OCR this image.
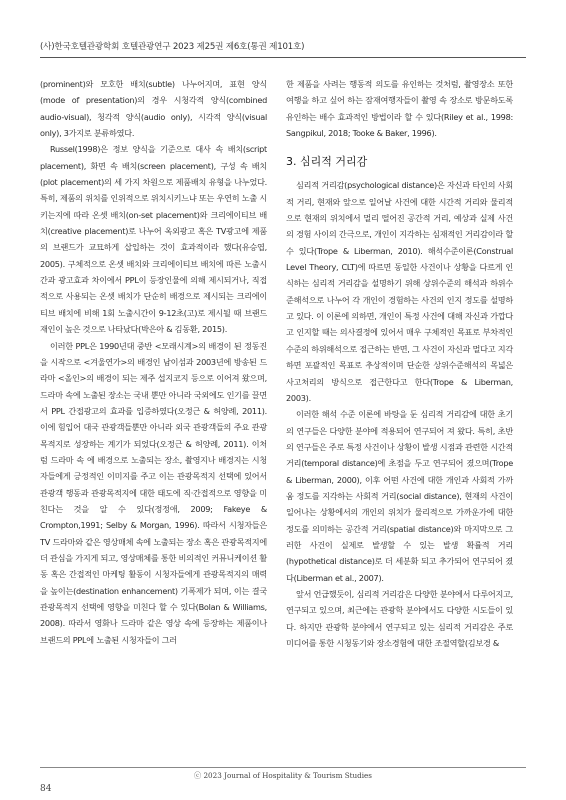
(사)한국호텔관광학회 호텔관광연구 2023 제25권 제6호(통권 제101호)

(prominent)와 모호한 배치(subtle) 나누어지며, 표현 양식(mode of presentation)의 경우 시청각적 양식(combined audio-visual), 청각적 양식(audio only), 시각적 양식(visual only), 3가지로 분류하였다.

Russel(1998)은 정보 양식을 기준으로 대사 속 배치(script placement), 화면 속 배치(screen placement), 구성 속 배치(plot placement)의 세 가지 차원으로 제품배치 유형을 나누었다. 특히, 제품의 위치를 인위적으로 위치시키느냐 또는 우연히 노출 시키는지에 따라 온셋 배치(on-set placement)와 크리에이티브 배치(creative placement)로 나누어 옥외광고 혹은 TV광고에 제품의 브랜드가 교묘하게 삽입하는 것이 효과적이라 했다(유승엽, 2005). 구체적으로 온셋 배치와 크리에이티브 배치에 따른 노출시간과 광고효과 차이에서 PPL이 등장인물에 의해 제시되거나, 직접적으로 사용되는 온셋 배치가 단순히 배경으로 제시되는 크리에이티브 배치에 비해 1회 노출시간이 9-12초(고)로 제시될 때 브랜드 재인이 높은 것으로 나타났다(박은아 & 김동환, 2015).

이러한 PPL은 1990년대 중반 <모래시계>의 배경이 된 정동진을 시작으로 <겨울연가>의 배경인 남이섬과 2003년에 방송된 드라마 <올인>의 배경이 되는 제주 섭지코지 등으로 이어져 왔으며, 드라마 속에 노출된 장소는 국내 뿐만 아니라 국외에도 인기를 끌면서 PPL 간접광고의 효과를 입증하였다(오정근 & 허양례, 2011). 이에 힘입어 대국 관광객들뿐만 아니라 외국 관광객들의 주요 관광목적지로 성장하는 계기가 되었다(오정근 & 허양례, 2011). 이처럼 드라마 속 에 배경으로 노출되는 장소, 촬영지나 배경지는 시청자들에게 긍정적인 이미지를 주고 이는 관광목적지 선택에 있어서 관광객 행동과 관광목적지에 대한 태도에 직·간접적으로 영향을 미친다는 것을 알 수 있다(정정애, 2009; Fakeye & Crompton,1991; Selby & Morgan, 1996). 따라서 시청자들은 TV 드라마와 같은 영상매체 속에 노출되는 장소 혹은 관광목적지에 더 관심을 가지게 되고, 영상매체를 통한 비의적인 커뮤니케이션 활동 혹은 간접적인 마케팅 활동이 시청자들에게 관광목적지의 매력을 높이는(destination enhancement) 기폭제가 되며, 이는 결국 관광목적지 선택에 영향을 미친다 할 수 있다(Bolan & Williams, 2008). 따라서 영화나 드라마 같은 영상 속에 등장하는 제품이나 브랜드의 PPL에 노출된 시청자들이 그러

한 제품을 사려는 행동적 의도를 유인하는 것처럼, 촬영장소 또한 여행을 하고 싶어 하는 잠재여행자들이 촬영 속 장소로 방문하도록 유인하는 배수 효과적인 방법이라 할 수 있다(Riley et al., 1998: Sangpikul, 2018; Tooke & Baker, 1996).

3. 심리적 거리감

심리적 거리감(psychological distance)은 자신과 타인의 사회적 거리, 현재와 앞으로 일어날 사건에 대한 시간적 거리와 물리적으로 현재의 위치에서 멀리 떨어진 공간적 거리, 예상과 실제 사건의 경험 사이의 간극으로, 개인이 지각하는 심재적인 거리감이라 할 수 있다(Trope & Liberman, 2010). 해석수준이론(Construal Level Theory, CLT)에 따르면 동일한 사건이나 상황을 다르게 인식하는 심리적 거리감을 설명하기 위해 상위수준의 해석과 하위수준해석으로 나누어 각 개인이 경험하는 사건의 인지 정도를 설명하고 있다. 이 이론에 의하면, 개인이 특정 사건에 대해 자신과 가깝다고 인지할 때는 의사결정에 있어서 매우 구체적인 목표로 부차적인 수준의 하위해석으로 접근하는 반면, 그 사건이 자신과 멀다고 지각하면 포괄적인 목표로 추상적이며 단순한 상위수준해석의 목넓은 사고처리의 방식으로 접근한다고 한다(Trope & Liberman, 2003).

이러한 해석 수준 이론에 바탕을 둔 심리적 거리감에 대한 초기의 연구들은 다양한 분야에 적용되어 연구되어 져 왔다. 특히, 초반의 연구들은 주로 특정 사건이나 상황이 발생 시점과 관련한 시간적 거리(temporal distance)에 초점을 두고 연구되어 졌으며(Trope & Liberman, 2000), 이후 어떤 사건에 대한 개인과 사회적 가까움 정도를 지각하는 사회적 거리(social distance), 현재의 사건이 일어나는 상황에서의 개인의 위치가 물리적으로 가까운가에 대한 정도를 의미하는 공간적 거리(spatial distance)와 마지막으로 그러한 사건이 실제로 발생할 수 있는 발생 확률적 거리(hypothetical distance)로 더 세분화 되고 추가되어 연구되어 졌다(Liberman et al., 2007).

앞서 언급했듯이, 심리적 거리감은 다양한 분야에서 다루어지고, 연구되고 있으며, 최근에는 관광학 분야에서도 다양한 시도들이 있다. 하지만 관광학 분야에서 연구되고 있는 심리적 거리감은 주로 미디어를 통한 시청동기와 장소경험에 대한 조절역할(김보경 &

ⓒ 2023 Journal of Hospitality & Tourism Studies
84
